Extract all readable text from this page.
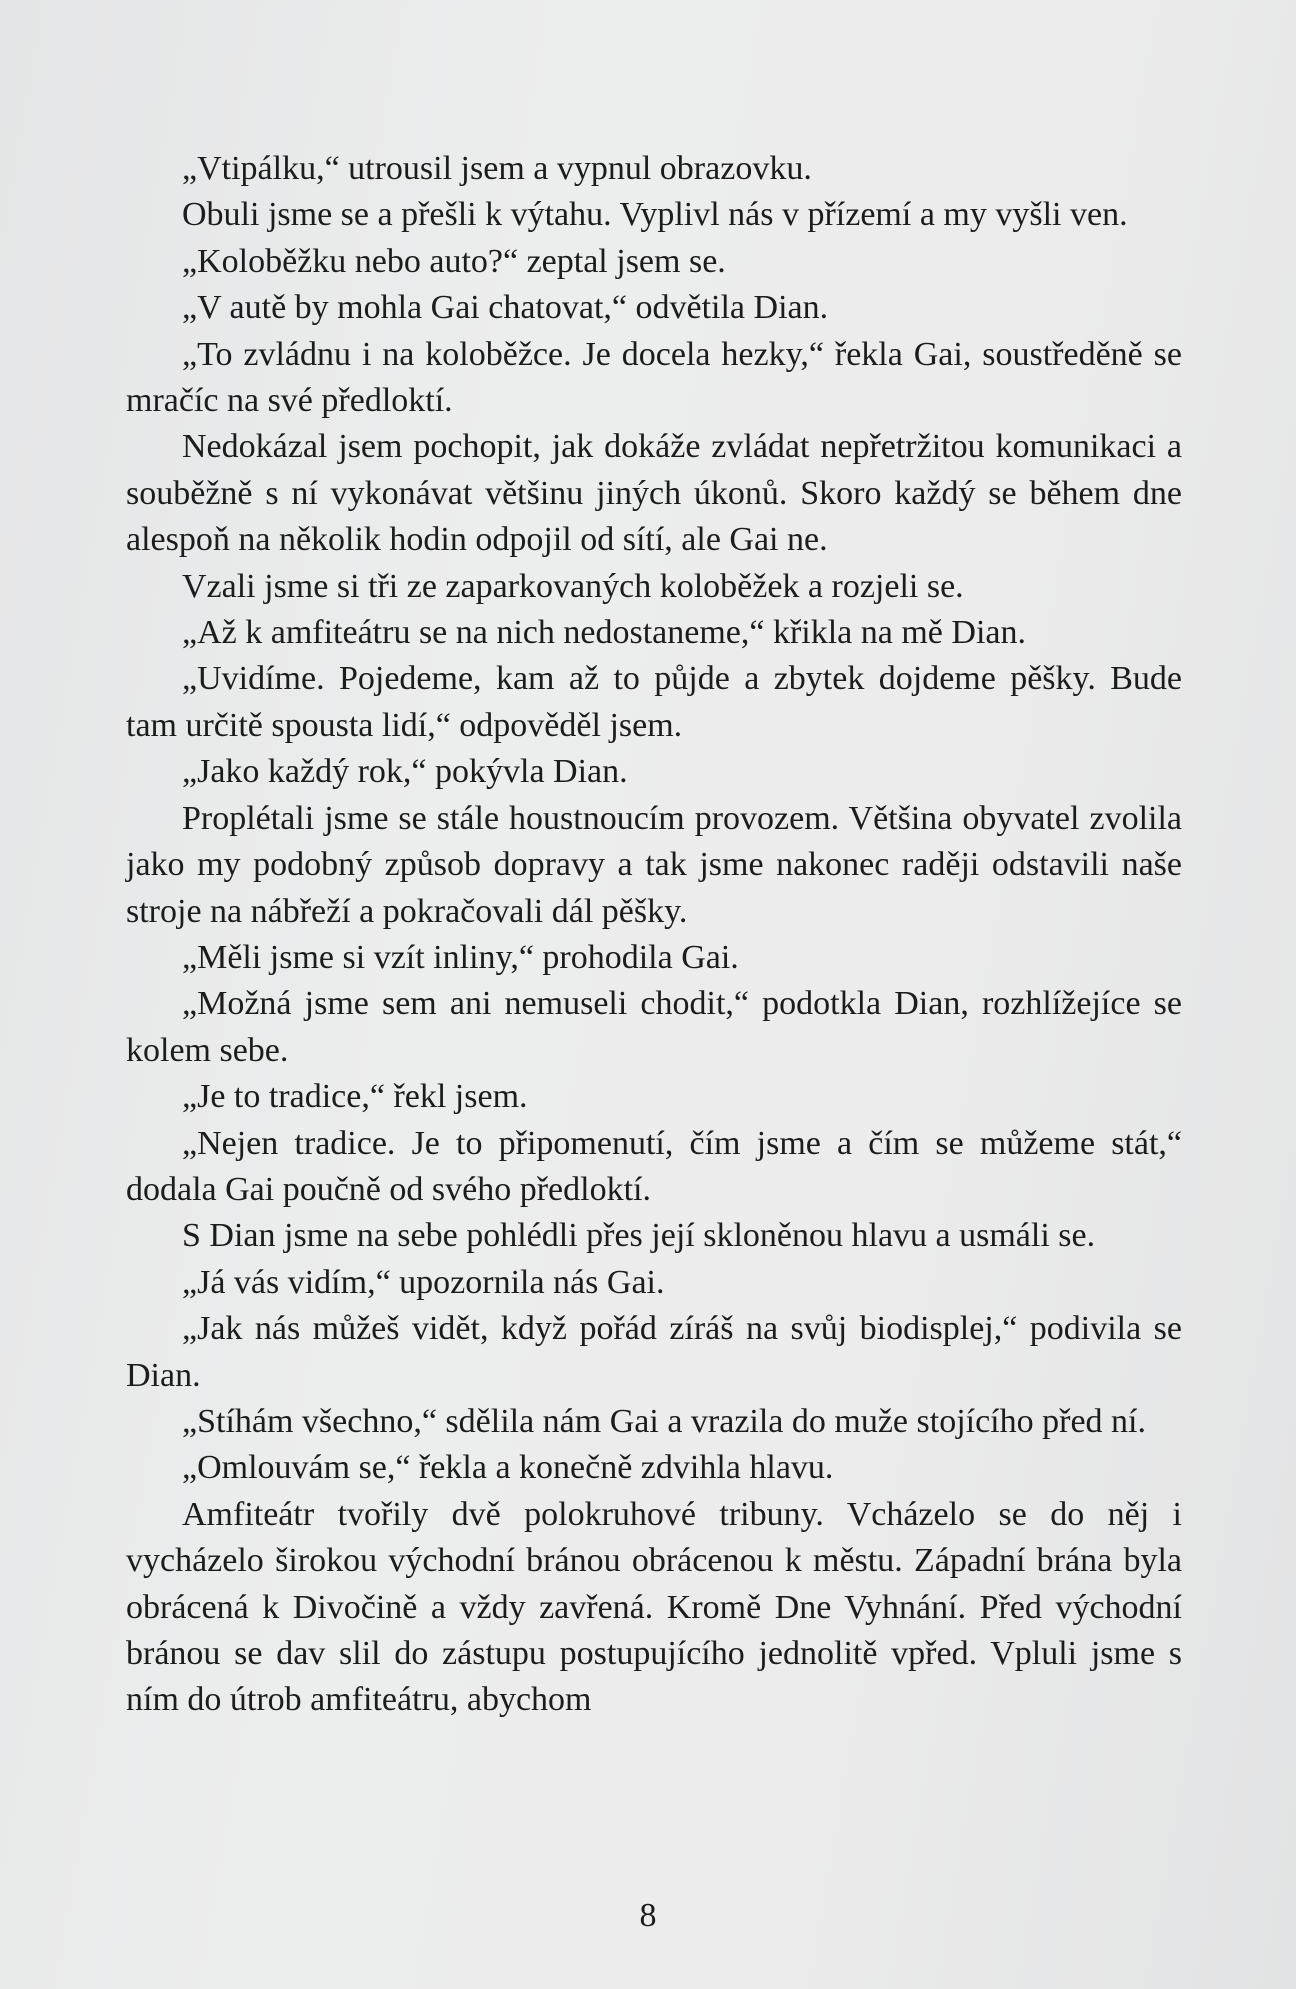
„Vtipálku,“ utrousil jsem a vypnul obrazovku.

Obuli jsme se a přešli k výtahu. Vyplivl nás v přízemí a my vyšli ven.

„Koloběžku nebo auto?“ zeptal jsem se.

„V autě by mohla Gai chatovat,“ odvětila Dian.

„To zvládnu i na koloběžce. Je docela hezky,“ řekla Gai, soustředěně se mračíc na své předloktí.

Nedokázal jsem pochopit, jak dokáže zvládat nepřetržitou komunikaci a souběžně s ní vykonávat většinu jiných úkonů. Skoro každý se během dne alespoň na několik hodin odpojil od sítí, ale Gai ne.

Vzali jsme si tři ze zaparkovaných koloběžek a rozjeli se.

„Až k amfiteátru se na nich nedostaneme,“ křikla na mě Dian.

„Uvidíme. Pojedeme, kam až to půjde a zbytek dojdeme pěšky. Bude tam určitě spousta lidí,“ odpověděl jsem.

„Jako každý rok,“ pokývla Dian.

Proplétali jsme se stále houstnoucím provozem. Většina obyvatel zvolila jako my podobný způsob dopravy a tak jsme nakonec raději odstavili naše stroje na nábřeží a pokračovali dál pěšky.

„Měli jsme si vzít inliny,“ prohodila Gai.

„Možná jsme sem ani nemuseli chodit,“ podotkla Dian, rozhlížejíce se kolem sebe.

„Je to tradice,“ řekl jsem.

„Nejen tradice. Je to připomenutí, čím jsme a čím se můžeme stát,“ dodala Gai poučně od svého předloktí.

S Dian jsme na sebe pohlédli přes její skloněnou hlavu a usmáli se.

„Já vás vidím,“ upozornila nás Gai.

„Jak nás můžeš vidět, když pořád zíráš na svůj biodisplej,“ podivila se Dian.

„Stíhám všechno,“ sdělila nám Gai a vrazila do muže stojícího před ní.

„Omlouvám se,“ řekla a konečně zdvihla hlavu.

Amfiteátr tvořily dvě polokruhové tribuny. Vcházelo se do něj i vycházelo širokou východní bránou obrácenou k městu. Západní brána byla obrácená k Divočině a vždy zavřená. Kromě Dne Vyhnání. Před východní bránou se dav slil do zástupu postupujícího jednolitě vpřed. Vpluli jsme s ním do útrob amfiteátru, abychom

8
